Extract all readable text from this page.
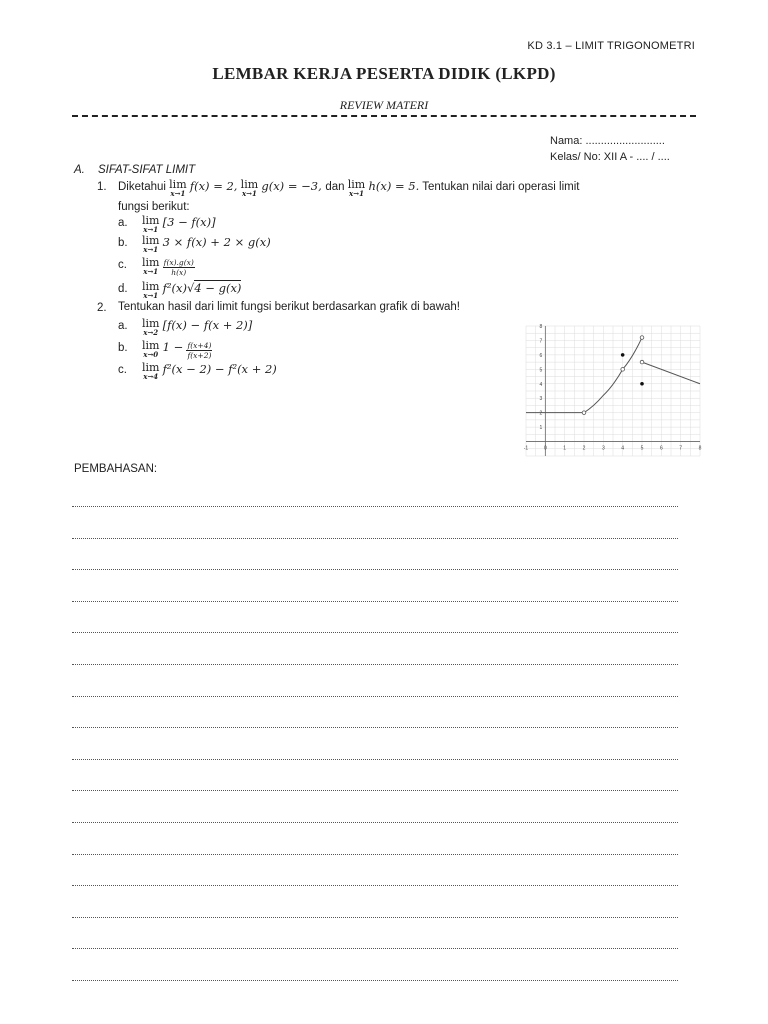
KD 3.1 – LIMIT TRIGONOMETRI
LEMBAR KERJA PESERTA DIDIK (LKPD)
REVIEW MATERI
Nama: ..........................
Kelas/ No: XII A - .... / ....
A. SIFAT-SIFAT LIMIT
1. Diketahui lim
x→1
f(x) = 2, lim
x→1
g(x) = −3, dan lim
x→1
h(x) = 5. Tentukan nilai dari operasi limit
fungsi berikut:
a. lim
x→1
[3 − f(x)]
b. lim
x→1
3 × f(x) + 2 × g(x)
c. lim
x→1
$\frac{f(x).g(x)}{h(x)}$
d. lim
x→1
f²(x)√4 − g(x)
2. Tentukan hasil dari limit fungsi berikut berdasarkan grafik di bawah!
a. lim
x→2
[f(x) − f(x + 2)]
b. lim
x→0
$1 - \frac{f(x+4)}{f(x+2)}$
c. lim
x→4
f²(x − 2) − f²(x + 2)
-1	0	1	2	3	4	5	6	7	8
1
2
3
4
5
6
7
8
PEMBAHASAN:
